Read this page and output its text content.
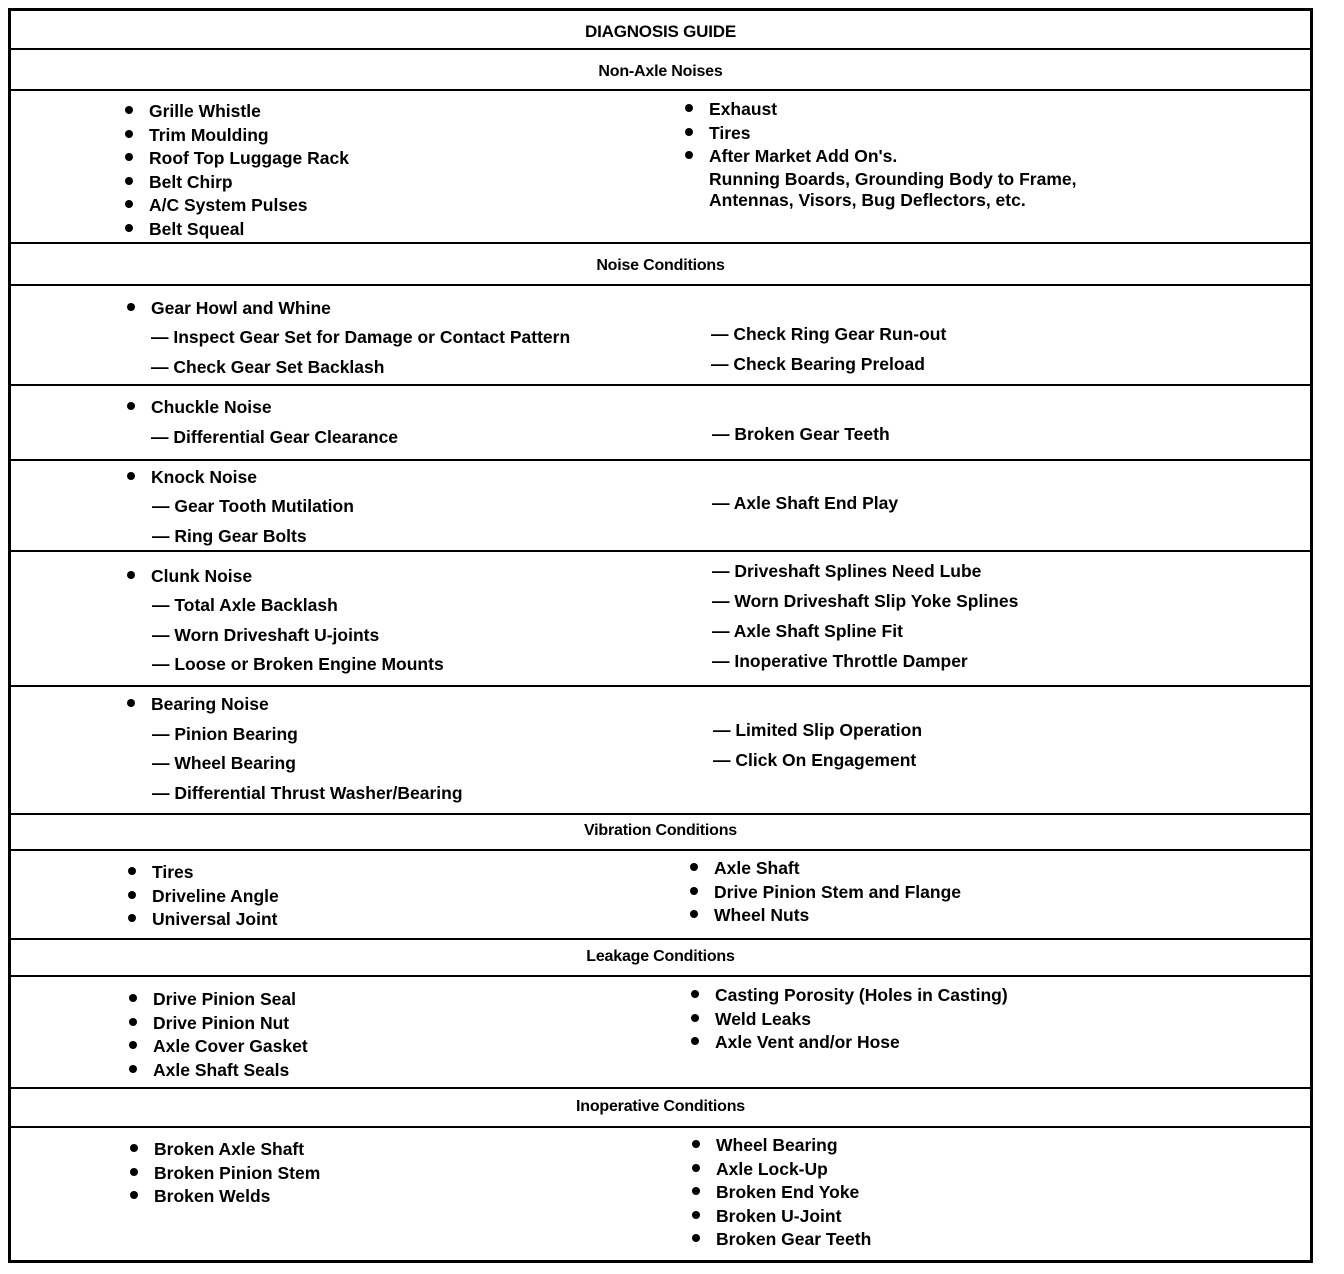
DIAGNOSIS GUIDE
Non-Axle Noises
Grille Whistle
Trim Moulding
Roof Top Luggage Rack
Belt Chirp
A/C System Pulses
Belt Squeal
Exhaust
Tires
After Market Add On's.
Running Boards, Grounding Body to Frame,
Antennas, Visors, Bug Deflectors, etc.
Noise Conditions
Gear Howl and Whine
— Inspect Gear Set for Damage or Contact Pattern
— Check Gear Set Backlash
— Check Ring Gear Run-out
— Check Bearing Preload
Chuckle Noise
— Differential Gear Clearance	— Broken Gear Teeth
Knock Noise
— Gear Tooth Mutilation
— Ring Gear Bolts
— Axle Shaft End Play
Clunk Noise
— Total Axle Backlash
— Worn Driveshaft U-joints
— Loose or Broken Engine Mounts
— Driveshaft Splines Need Lube
— Worn Driveshaft Slip Yoke Splines
— Axle Shaft Spline Fit
— Inoperative Throttle Damper
Bearing Noise
— Pinion Bearing
— Wheel Bearing
— Differential Thrust Washer/Bearing
— Limited Slip Operation
— Click On Engagement
Vibration Conditions
Tires
Driveline Angle
Universal Joint
Axle Shaft
Drive Pinion Stem and Flange
Wheel Nuts
Leakage Conditions
Drive Pinion Seal
Drive Pinion Nut
Axle Cover Gasket
Axle Shaft Seals
Casting Porosity (Holes in Casting)
Weld Leaks
Axle Vent and/or Hose
Inoperative Conditions
Broken Axle Shaft
Broken Pinion Stem
Broken Welds
Wheel Bearing
Axle Lock-Up
Broken End Yoke
Broken U-Joint
Broken Gear Teeth
